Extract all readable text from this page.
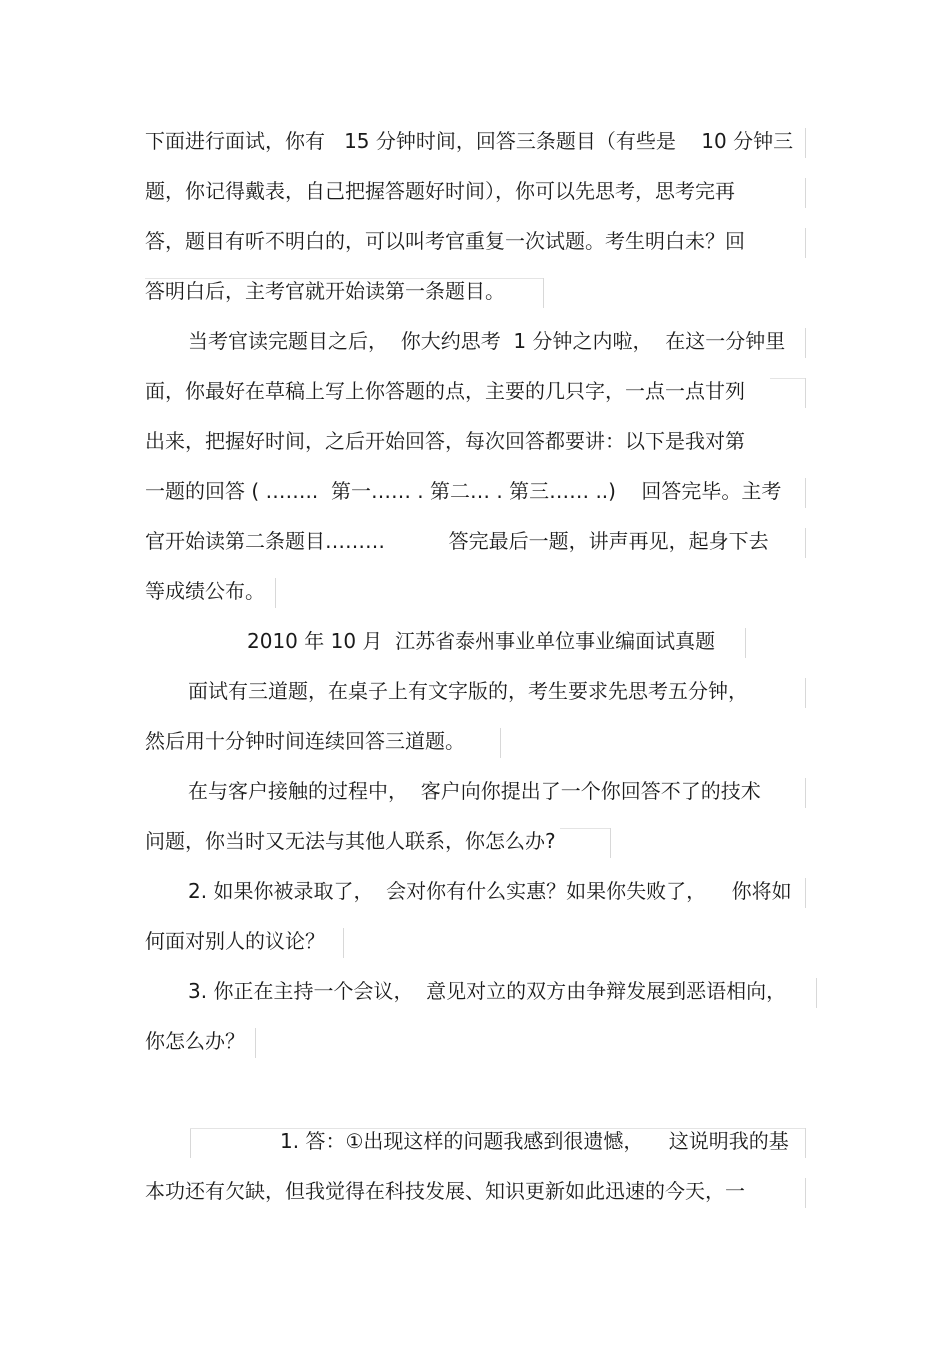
下面进行面试，你有   15 分钟时间，回答三条题目（有些是    10 分钟三
题，你记得戴表，自己把握答题好时间），你可以先思考，思考完再
答，题目有听不明白的，可以叫考官重复一次试题。考生明白未？回
答明白后，主考官就开始读第一条题目。
当考官读完题目之后，  你大约思考  1 分钟之内啦，  在这一分钟里
面，你最好在草稿上写上你答题的点，主要的几只字，一点一点甘列
出来，把握好时间，之后开始回答，每次回答都要讲：以下是我对第
一题的回答 ( ……..  第一…… . 第二… . 第三…… ..)    回答完毕。主考
官开始读第二条题目………          答完最后一题，讲声再见，起身下去
等成绩公布。
2010 年 10 月  江苏省泰州事业单位事业编面试真题
面试有三道题，在桌子上有文字版的，考生要求先思考五分钟，
然后用十分钟时间连续回答三道题。
在与客户接触的过程中，  客户向你提出了一个你回答不了的技术
问题，你当时又无法与其他人联系，你怎么办?
2. 如果你被录取了，  会对你有什么实惠？如果你失败了，    你将如
何面对别人的议论？
3. 你正在主持一个会议，  意见对立的双方由争辩发展到恶语相向，
你怎么办？
1. 答：①出现这样的问题我感到很遗憾，    这说明我的基
本功还有欠缺，但我觉得在科技发展、知识更新如此迅速的今天，一
